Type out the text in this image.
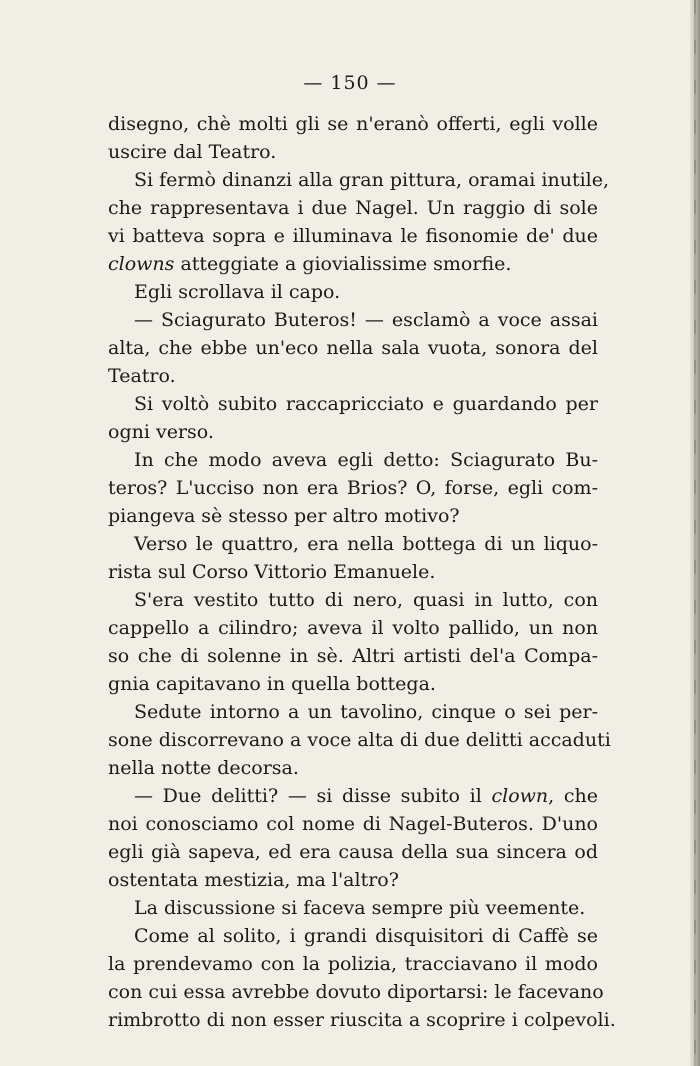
— 150 —

disegno, chè molti gli se n'eranò offerti, egli volle
uscire dal Teatro.

Si fermò dinanzi alla gran pittura, oramai inutile,
che rappresentava i due Nagel. Un raggio di sole
vi batteva sopra e illuminava le fisonomie de' due
clowns atteggiate a giovialissime smorfie.

Egli scrollava il capo.

— Sciagurato Buteros! — esclamò a voce assai
alta, che ebbe un'eco nella sala vuota, sonora del
Teatro.

Si voltò subito raccapricciato e guardando per
ogni verso.

In che modo aveva egli detto: Sciagurato Bu-
teros? L'ucciso non era Brios? O, forse, egli com-
piangeva sè stesso per altro motivo?

Verso le quattro, era nella bottega di un liquo-
rista sul Corso Vittorio Emanuele.

S'era vestito tutto di nero, quasi in lutto, con
cappello a cilindro; aveva il volto pallido, un non
so che di solenne in sè. Altri artisti del'a Compa-
gnia capitavano in quella bottega.

Sedute intorno a un tavolino, cinque o sei per-
sone discorrevano a voce alta di due delitti accaduti
nella notte decorsa.

— Due delitti? — si disse subito il clown, che
noi conosciamo col nome di Nagel-Buteros. D'uno
egli già sapeva, ed era causa della sua sincera od
ostentata mestizia, ma l'altro?

La discussione si faceva sempre più veemente.

Come al solito, i grandi disquisitori di Caffè se
la prendevamo con la polizia, tracciavano il modo
con cui essa avrebbe dovuto diportarsi: le facevano
rimbrotto di non esser riuscita a scoprire i colpevoli.
